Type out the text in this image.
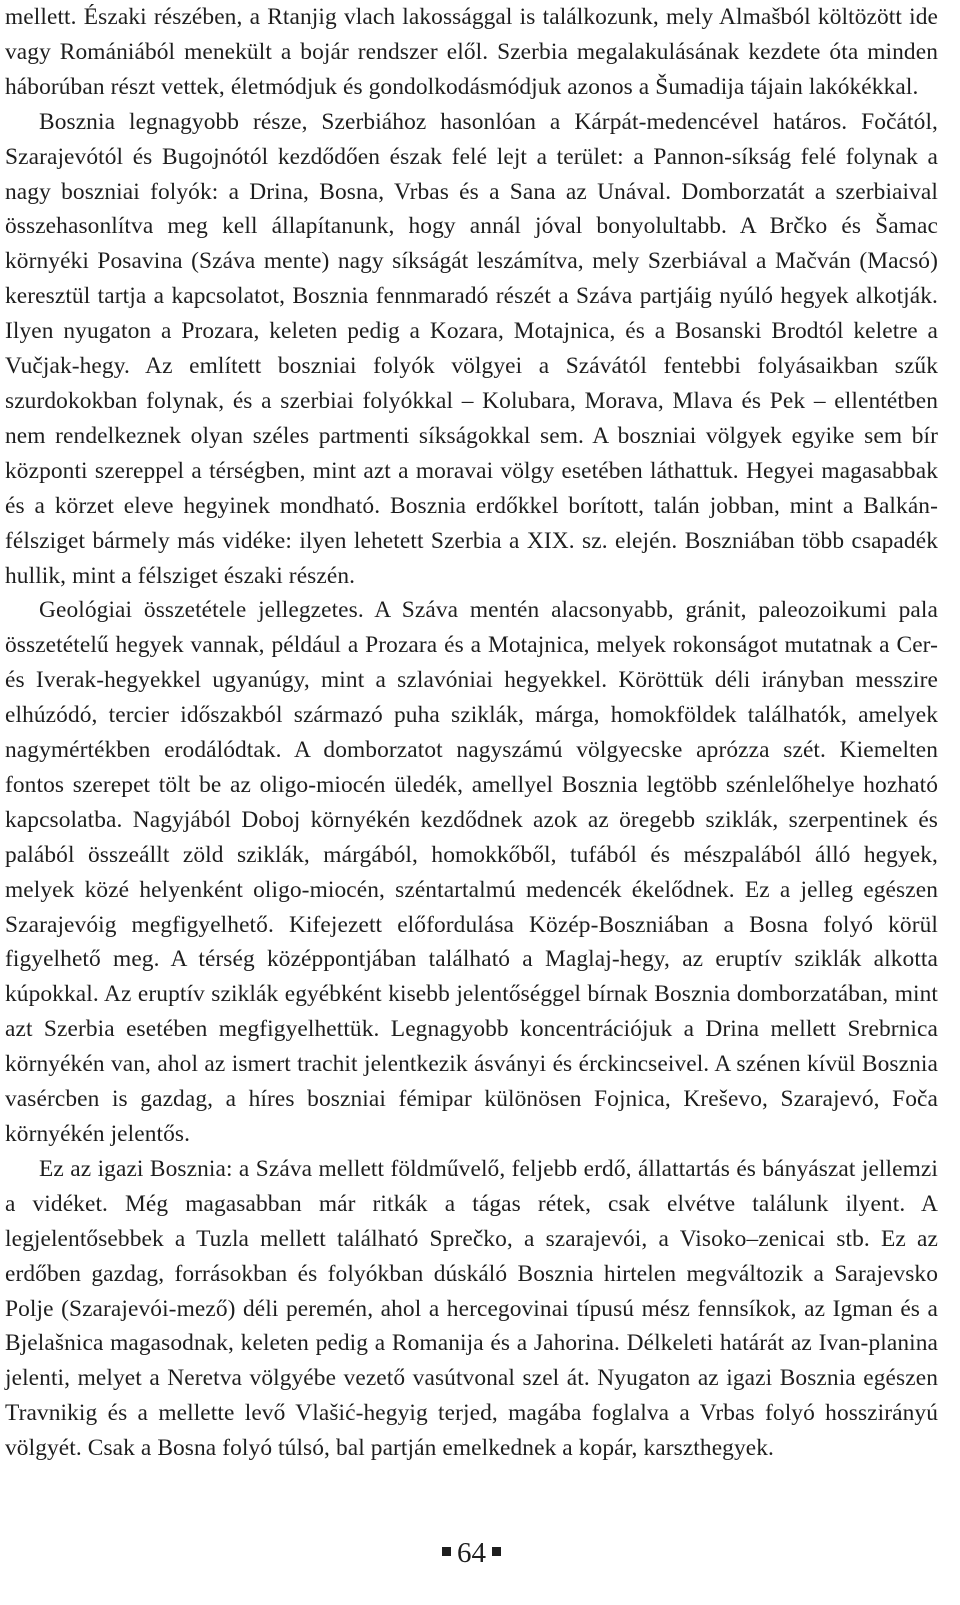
mellett. Északi részében, a Rtanjig vlach lakossággal is találkozunk, mely Almašból költözött ide vagy Romániából menekült a bojár rendszer elől. Szerbia megalakulásának kezdete óta minden háborúban részt vettek, életmódjuk és gondolkodásmódjuk azonos a Šumadija tájain lakókékkal.

Bosznia legnagyobb része, Szerbiához hasonlóan a Kárpát-medencével határos. Fočától, Szarajevótól és Bugojnótól kezdődően észak felé lejt a terület: a Pannon-síkság felé folynak a nagy boszniai folyók: a Drina, Bosna, Vrbas és a Sana az Unával. Domborzatát a szerbiaival összehasonlítva meg kell állapítanunk, hogy annál jóval bonyolultabb. A Brčko és Šamac környéki Posavina (Száva mente) nagy síkságát leszámítva, mely Szerbiával a Mačván (Macsó) keresztül tartja a kapcsolatot, Bosznia fennmaradó részét a Száva partjáig nyúló hegyek alkotják. Ilyen nyugaton a Prozara, keleten pedig a Kozara, Motajnica, és a Bosanski Brodtól keletre a Vučjak-hegy. Az említett boszniai folyók völgyei a Szávától fentebbi folyásaikban szűk szurdokokban folynak, és a szerbiai folyókkal – Kolubara, Morava, Mlava és Pek – ellentétben nem rendelkeznek olyan széles partmenti síkságokkal sem. A boszniai völgyek egyike sem bír központi szereppel a térségben, mint azt a moravai völgy esetében láthattuk. Hegyei magasabbak és a körzet eleve hegyinek mondható. Bosznia erdőkkel borított, talán jobban, mint a Balkán-félsziget bármely más vidéke: ilyen lehetett Szerbia a XIX. sz. elején. Boszniában több csapadék hullik, mint a félsziget északi részén.

Geológiai összetétele jellegzetes. A Száva mentén alacsonyabb, gránit, paleozoikumi pala összetételű hegyek vannak, például a Prozara és a Motajnica, melyek rokonságot mutatnak a Cer- és Iverak-hegyekkel ugyanúgy, mint a szlavóniai hegyekkel. Köröttük déli irányban messzire elhúzódó, tercier időszakból származó puha sziklák, márga, homokföldek találhatók, amelyek nagymértékben erodálódtak. A domborzatot nagyszámú völgyecske aprózza szét. Kiemelten fontos szerepet tölt be az oligo-miocén üledék, amellyel Bosznia legtöbb szénlelőhelye hozható kapcsolatba. Nagyjából Doboj környékén kezdődnek azok az öregebb sziklák, szerpentinek és palából összeállt zöld sziklák, márgából, homokkőből, tufából és mészpalából álló hegyek, melyek közé helyenként oligo-miocén, széntartalmú medencék ékelődnek. Ez a jelleg egészen Szarajevóig megfigyelhető. Kifejezett előfordulása Közép-Boszniában a Bosna folyó körül figyelhető meg. A térség középpontjában található a Maglaj-hegy, az eruptív sziklák alkotta kúpokkal. Az eruptív sziklák egyébként kisebb jelentőséggel bírnak Bosznia domborzatában, mint azt Szerbia esetében megfigyelhettük. Legnagyobb koncentrációjuk a Drina mellett Srebrnica környékén van, ahol az ismert trachit jelentkezik ásványi és érckincseivel. A szénen kívül Bosznia vasércben is gazdag, a híres boszniai fémipar különösen Fojnica, Kreševo, Szarajevó, Foča környékén jelentős.

Ez az igazi Bosznia: a Száva mellett földművelő, feljebb erdő, állattartás és bányászat jellemzi a vidéket. Még magasabban már ritkák a tágas rétek, csak elvétve találunk ilyent. A legjelentősebbek a Tuzla mellett található Sprečko, a szarajevói, a Visoko–zenicai stb. Ez az erdőben gazdag, forrásokban és folyókban dúskáló Bosznia hirtelen megváltozik a Sarajevsko Polje (Szarajevói-mező) déli peremén, ahol a hercegovinai típusú mész fennsíkok, az Igman és a Bjelašnica magasodnak, keleten pedig a Romanija és a Jahorina. Délkeleti határát az Ivan-planina jelenti, melyet a Neretva völgyébe vezető vasútvonal szel át. Nyugaton az igazi Bosznia egészen Travnikig és a mellette levő Vlašić-hegyig terjed, magába foglalva a Vrbas folyó hosszirányú völgyét. Csak a Bosna folyó túlsó, bal partján emelkednek a kopár, karszthegyek.

64
